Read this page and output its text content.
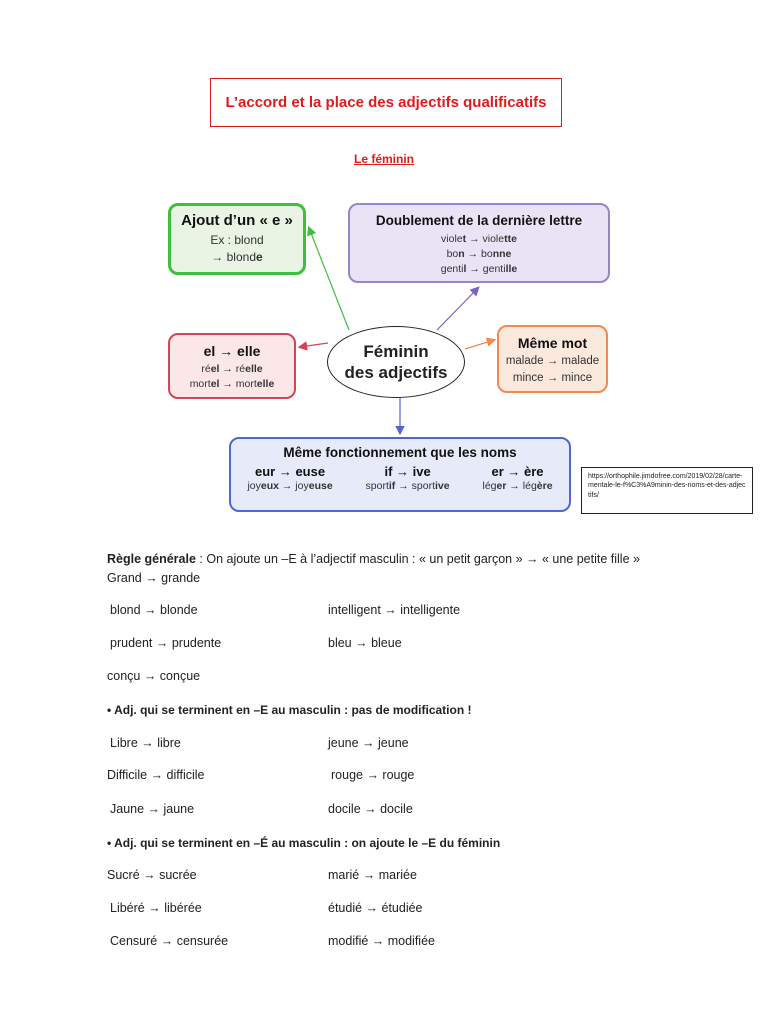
L’accord et la place des adjectifs qualificatifs
Le féminin
Ajout d’un « e »
Ex : blond
→ blonde
Doublement de la dernière lettre
violet → violette
bon → bonne
gentil → gentille
el → elle
réel → réelle
mortel → mortelle
Même mot
malade → malade
mince → mince
Féminin
des adjectifs
Même fonctionnement que les noms
eur → euse
joyeux → joyeuse
if → ive
sportif → sportive
er → ère
léger → légère
https://orthophile.jimdofree.com/2019/02/28/carte-mentale-le-f%C3%A9minin-des-noms-et-des-adjectifs/
Règle générale : On ajoute un –E à l’adjectif masculin : « un petit garçon » → « une petite fille »
Grand → grande
blond → blonde
prudent → prudente
conçu → conçue
intelligent → intelligente
bleu → bleue
• Adj. qui se terminent en –E au masculin : pas de modification !
Libre → libre
Difficile → difficile
Jaune → jaune
jeune → jeune
rouge → rouge
docile → docile
• Adj. qui se terminent en –É au masculin : on ajoute le –E du féminin
Sucré → sucrée
Libéré → libérée
Censuré → censurée
marié → mariée
étudié → étudiée
modifié → modifiée
